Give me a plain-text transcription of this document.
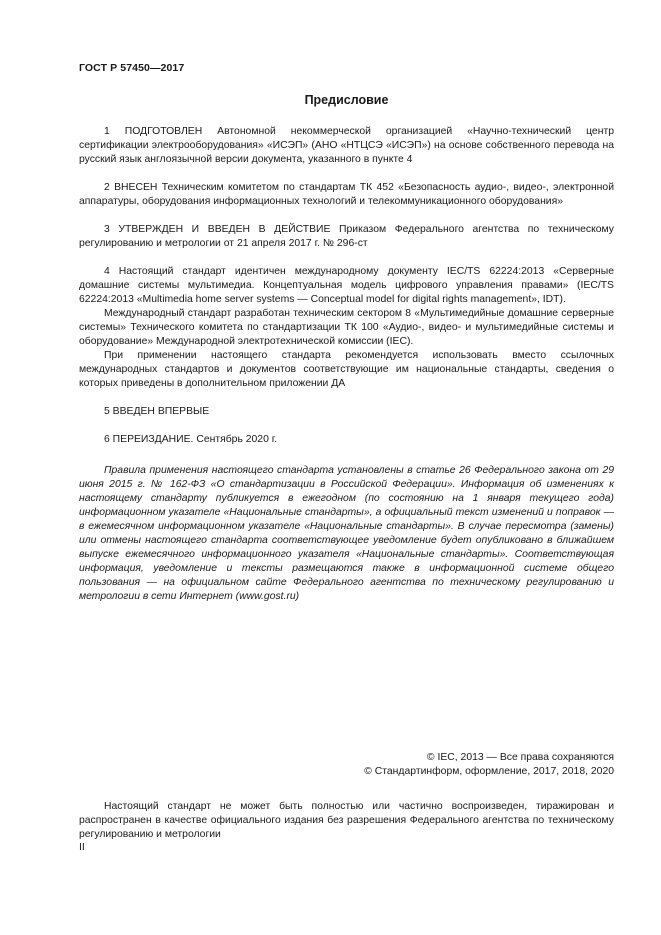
ГОСТ Р 57450—2017
Предисловие

1 ПОДГОТОВЛЕН Автономной некоммерческой организацией «Научно-технический центр сертификации электрооборудования» «ИСЭП» (АНО «НТЦСЭ «ИСЭП») на основе собственного перевода на русский язык англоязычной версии документа, указанного в пункте 4

2 ВНЕСЕН Техническим комитетом по стандартам ТК 452 «Безопасность аудио-, видео-, электронной аппаратуры, оборудования информационных технологий и телекоммуникационного оборудования»

3 УТВЕРЖДЕН И ВВЕДЕН В ДЕЙСТВИЕ Приказом Федерального агентства по техническому регулированию и метрологии от 21 апреля 2017 г. № 296-ст

4 Настоящий стандарт идентичен международному документу IEC/TS 62224:2013 «Серверные домашние системы мультимедиа. Концептуальная модель цифрового управления правами» (IEC/TS 62224:2013 «Multimedia home server systems — Conceptual model for digital rights management», IDT).

Международный стандарт разработан техническим сектором 8 «Мультимедийные домашние серверные системы» Технического комитета по стандартизации ТК 100 «Аудио-, видео- и мультимедийные системы и оборудование» Международной электротехнической комиссии (IEC).

При применении настоящего стандарта рекомендуется использовать вместо ссылочных международных стандартов и документов соответствующие им национальные стандарты, сведения о которых приведены в дополнительном приложении ДА

5 ВВЕДЕН ВПЕРВЫЕ

6 ПЕРЕИЗДАНИЕ. Сентябрь 2020 г.

Правила применения настоящего стандарта установлены в статье 26 Федерального закона от 29 июня 2015 г. № 162-ФЗ «О стандартизации в Российской Федерации». Информация об изменениях к настоящему стандарту публикуется в ежегодном (по состоянию на 1 января текущего года) информационном указателе «Национальные стандарты», а официальный текст изменений и поправок — в ежемесячном информационном указателе «Национальные стандарты». В случае пересмотра (замены) или отмены настоящего стандарта соответствующее уведомление будет опубликовано в ближайшем выпуске ежемесячного информационного указателя «Национальные стандарты». Соответствующая информация, уведомление и тексты размещаются также в информационной системе общего пользования — на официальном сайте Федерального агентства по техническому регулированию и метрологии в сети Интернет (www.gost.ru)

© IEC, 2013 — Все права сохраняются
© Стандартинформ, оформление, 2017, 2018, 2020

Настоящий стандарт не может быть полностью или частично воспроизведен, тиражирован и распространен в качестве официального издания без разрешения Федерального агентства по техническому регулированию и метрологии

II
